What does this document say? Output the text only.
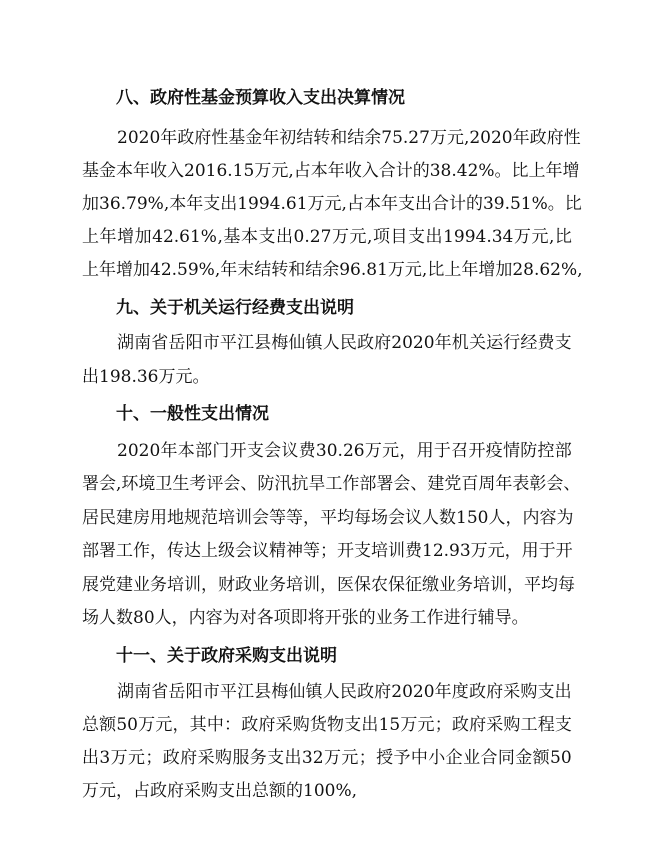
八、政府性基金预算收入支出决算情况
2020 年 政 府 性 基 金 年 初 结 转 和 结 余 75.27 万 元 , 2020 年 政 府 性
基 金 本 年 收 入 2016.15 万 元 , 占 本 年 收 入 合 计 的 38.42% 。 比 上 年 增
加 36.79% , 本 年 支 出 1994.61 万 元 , 占 本 年 支 出 合 计 的 39.51% 。 比
上 年 增 加 42.61% , 基 本 支 出 0.27 万 元 , 项 目 支 出 1994.34 万 元 , 比
上 年 增 加 42.59% , 年 末 结 转 和 结 余 96.81 万 元 , 比 上 年 增 加 28.62% ,
九、关于机关运行经费支出说明
湖 南 省 岳 阳 市 平 江 县 梅 仙 镇 人 民 政 府 2020 年 机 关 运 行 经 费 支
出198.36万元。
十、一般性支出情况
2020 年 本 部 门 开 支 会 议 费 30.26 万 元 ， 用 于 召 开 疫 情 防 控 部
署 会 , 环 境 卫 生 考 评 会 、 防 汛 抗 旱 工 作 部 署 会 、 建 党 百 周 年 表 彰 会 、
居 民 建 房 用 地 规 范 培 训 会 等 等 ， 平 均 每 场 会 议 人 数 150 人 ， 内 容 为
部 署 工 作 ， 传 达 上 级 会 议 精 神 等 ； 开 支 培 训 费 12.93 万 元 ， 用 于 开
展 党 建 业 务 培 训 ， 财 政 业 务 培 训 ， 医 保 农 保 征 缴 业 务 培 训 ， 平 均 每
场人数80人，内容为对各项即将开张的业务工作进行辅导。
十一、关于政府采购支出说明
湖 南 省 岳 阳 市 平 江 县 梅 仙 镇 人 民 政 府 2020 年 度 政 府 采 购 支 出
总 额 50 万 元 ， 其 中 ： 政 府 采 购 货 物 支 出 15 万 元 ； 政 府 采 购 工 程 支
出 3 万 元 ； 政 府 采 购 服 务 支 出 32 万 元 ； 授 予 中 小 企 业 合 同 金 额 50
万元，占政府采购支出总额的100%,
